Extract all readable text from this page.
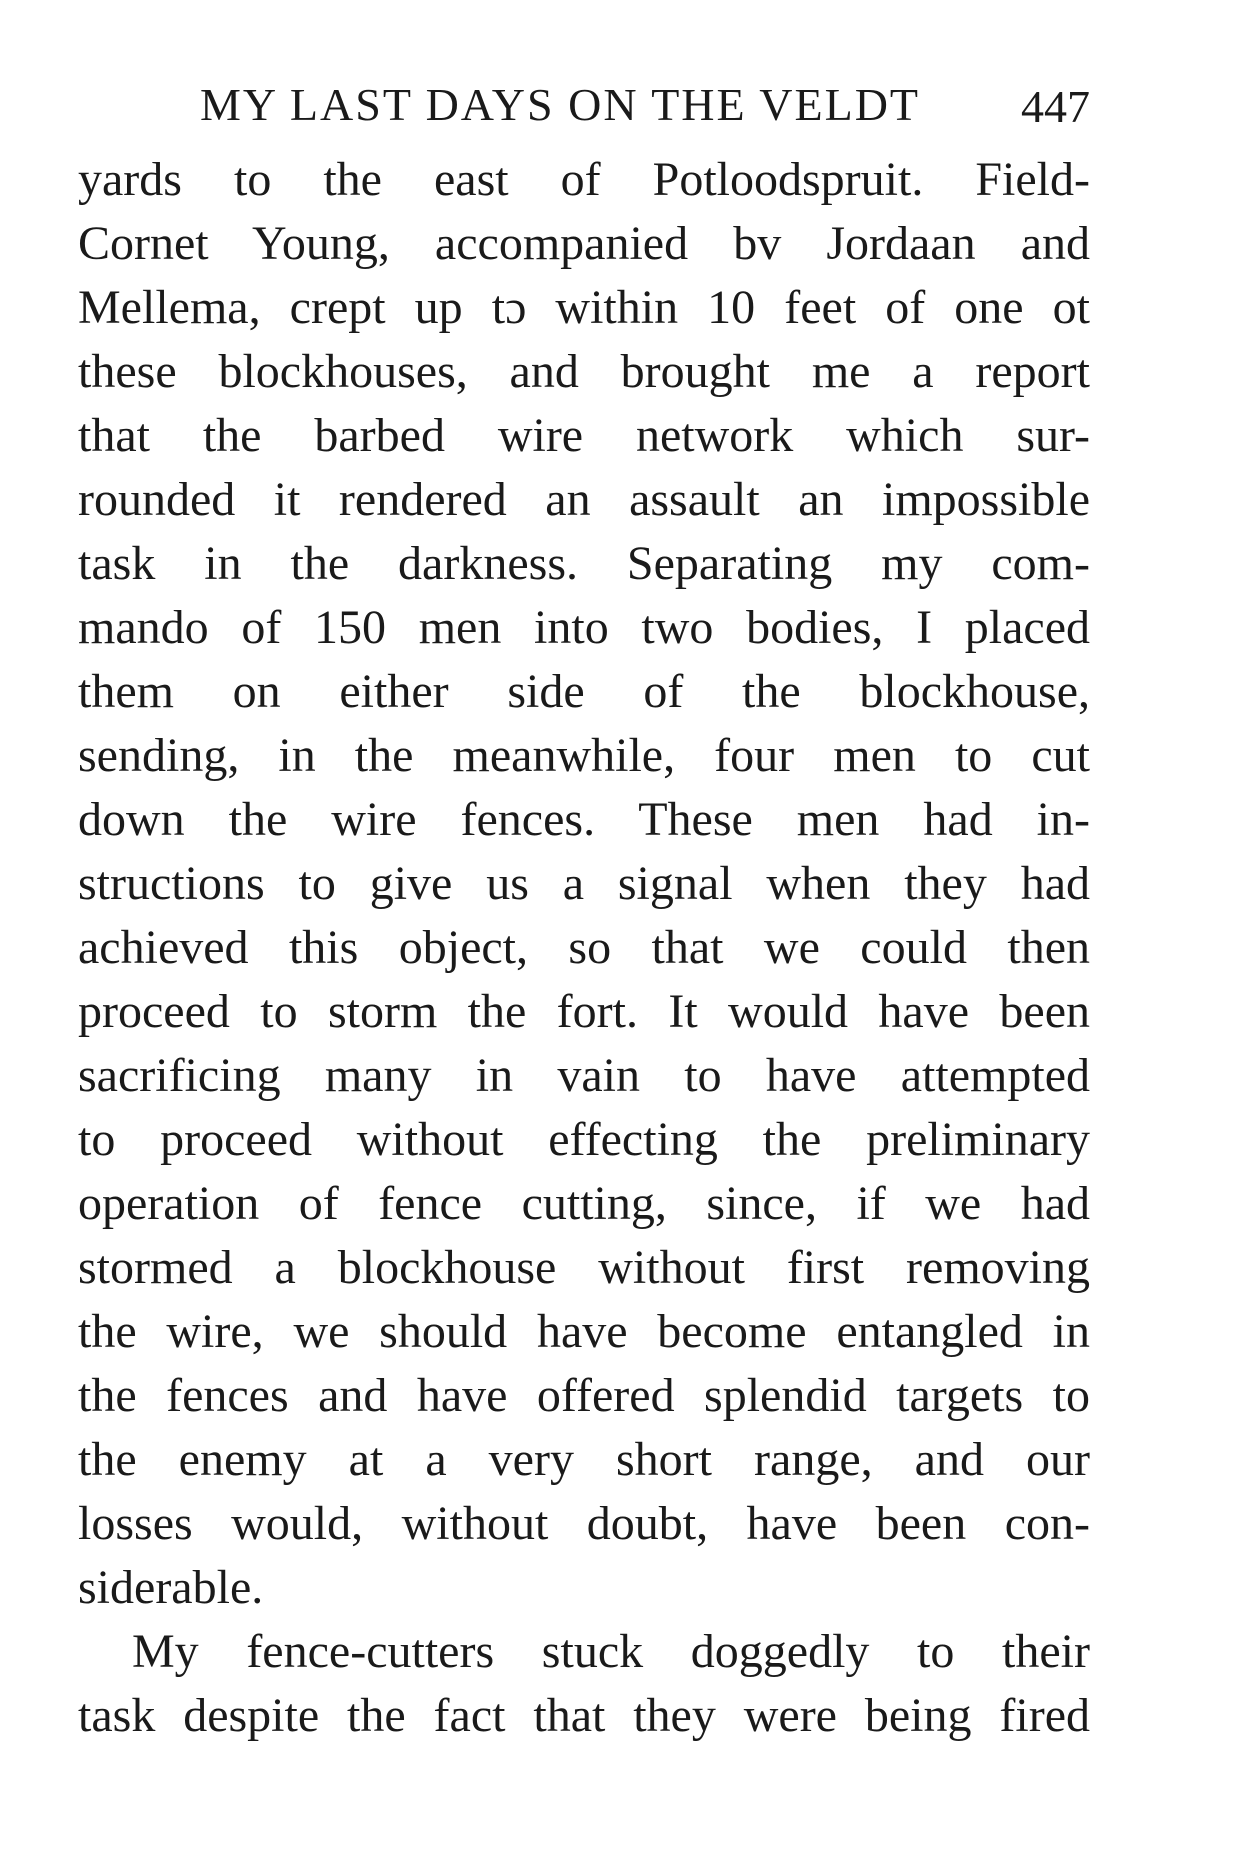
MY LAST DAYS ON THE VELDT 447
yards to the east of Potloodspruit. Field-
Cornet Young, accompanied bv Jordaan and
Mellema, crept up tɔ within 10 feet of one ot
these blockhouses, and brought me a report
that the barbed wire network which sur-
rounded it rendered an assault an impossible
task in the darkness. Separating my com-
mando of 150 men into two bodies, I placed
them on either side of the blockhouse,
sending, in the meanwhile, four men to cut
down the wire fences. These men had in-
structions to give us a signal when they had
achieved this object, so that we could then
proceed to storm the fort. It would have been
sacrificing many in vain to have attempted
to proceed without effecting the preliminary
operation of fence cutting, since, if we had
stormed a blockhouse without first removing
the wire, we should have become entangled in
the fences and have offered splendid targets to
the enemy at a very short range, and our
losses would, without doubt, have been con-
siderable.
My fence-cutters stuck doggedly to their
task despite the fact that they were being fired
